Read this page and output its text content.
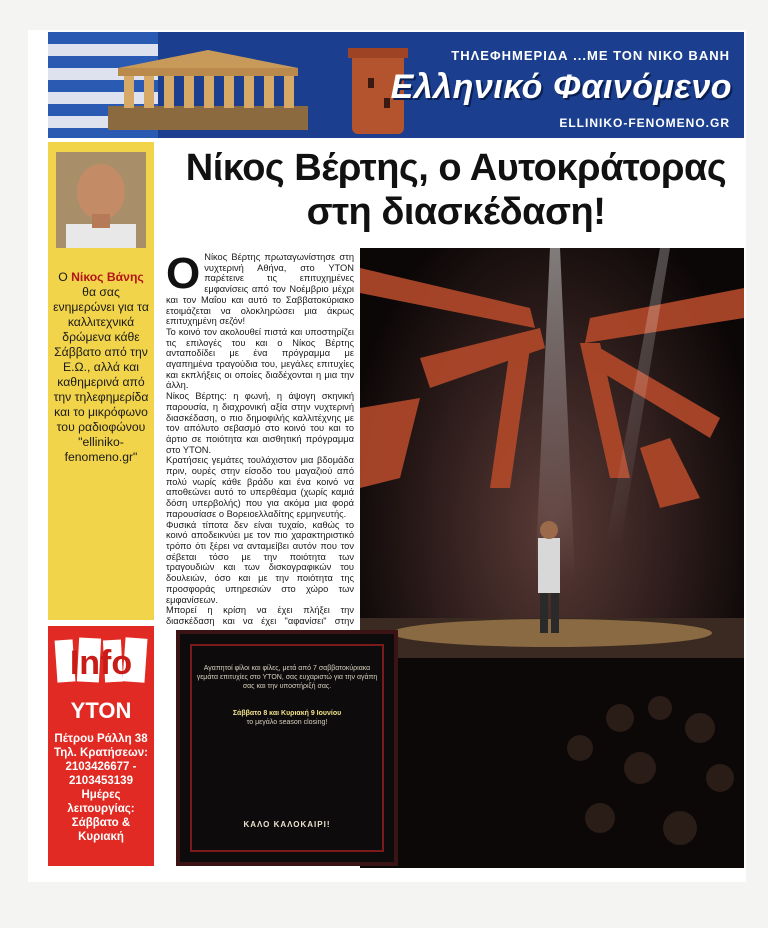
ΤΗΛΕΦΗΜΕΡΙΔΑ ...ΜΕ ΤΟΝ ΝΙΚΟ ΒΑΝΗ
Ελληνικό Φαινόμενο
ELLINIKO-FENOMENO.GR
Ο Νίκος Βάνης θα σας ενημερώνει για τα καλλιτεχνικά δρώμενα κάθε Σάββατο από την Ε.Ω., αλλά και καθημερινά από την τηλεφημερίδα και το μικρόφωνο του ραδιοφώνου "elliniko-fenomeno.gr"
Info
ΥΤΟΝ
Πέτρου Ράλλη 38
Τηλ. Κρατήσεων:
2103426677 -
2103453139
Ημέρες λειτουργίας:
Σάββατο & Κυριακή
Νίκος Βέρτης, ο Αυτοκράτορας
στη διασκέδαση!
Ο Νίκος Βέρτης πρωταγωνίστησε στη νυχτερινή Αθήνα, στο ΥΤΟΝ παρέτεινε τις επιτυχημένες εμφανίσεις από τον Νοέμβριο μέχρι και τον Μαΐου και αυτό το Σαββατοκύριακο ετοιμάζεται να ολοκληρώσει μια άκρως επιτυχημένη σεζόν!

Το κοινό τον ακολουθεί πιστά και υποστηρίζει τις επιλογές του και ο Νίκος Βέρτης ανταποδίδει με ένα πρόγραμμα με αγαπημένα τραγούδια του, μεγάλες επιτυχίες και εκπλήξεις οι οποίες διαδέχονται η μια την άλλη.

Νίκος Βέρτης: η φωνή, η άψογη σκηνική παρουσία, η διαχρονική αξία στην νυχτερινή διασκέδαση, ο πιο δημοφιλής καλλιτέχνης με τον απόλυτο σεβασμό στο κοινό του και το άρτιο σε ποιότητα και αισθητική πρόγραμμα στο ΥΤΟΝ.

Κρατήσεις γεμάτες τουλάχιστον μια βδομάδα πριν, ουρές στην είσοδο του μαγαζιού από πολύ νωρίς κάθε βράδυ και ένα κοινό να αποθεώνει αυτό το υπερθέαμα (χωρίς καμιά δόση υπερβολής) που για ακόμα μια φορά παρουσίασε ο Βορειοελλαδίτης ερμηνευτής.

Φυσικά τίποτα δεν είναι τυχαίο, καθώς το κοινό αποδεικνύει με τον πιο χαρακτηριστικό τρόπο ότι ξέρει να ανταμείβει αυτόν που τον σέβεται τόσο με την ποιότητα των τραγουδιών και των δισκογραφικών του δουλειών, όσο και με την ποιότητα της προσφοράς υπηρεσιών στο χώρο των εμφανίσεων.

Μπορεί η κρίση να έχει πλήξει την διασκέδαση και να έχει "αφανίσει" στην

Αγαπητοί φίλοι και φίλες, μετά από 7 σαββατοκύριακα γεμάτα επιτυχίες στο ΥΤΟΝ, σας ευχαριστώ για την αγάπη σας και την υποστήριξή σας.
Σάββατο 8 και Κυριακή 9 Ιουνίου
το μεγάλο season closing!
ΚΑΛΟ ΚΑΛΟΚΑΙΡΙ!
